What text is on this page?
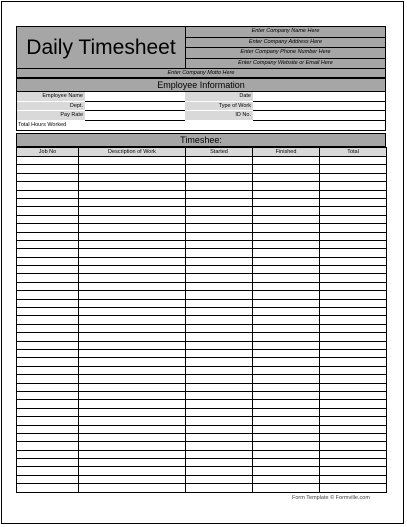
Daily Timesheet
Enter Company Name Here
Enter Company Address Here
Enter Company Phone Number Here
Enter Company Website or Email Here
Enter Company Motto Here
Employee Information
Employee Name	Date
Dept.	Type of Work
Pay Rate	ID No.
Total Hours Worked
Timeshee:
Job No	Description of Work	Started	Finished	Total

Form Template © Formville.com
